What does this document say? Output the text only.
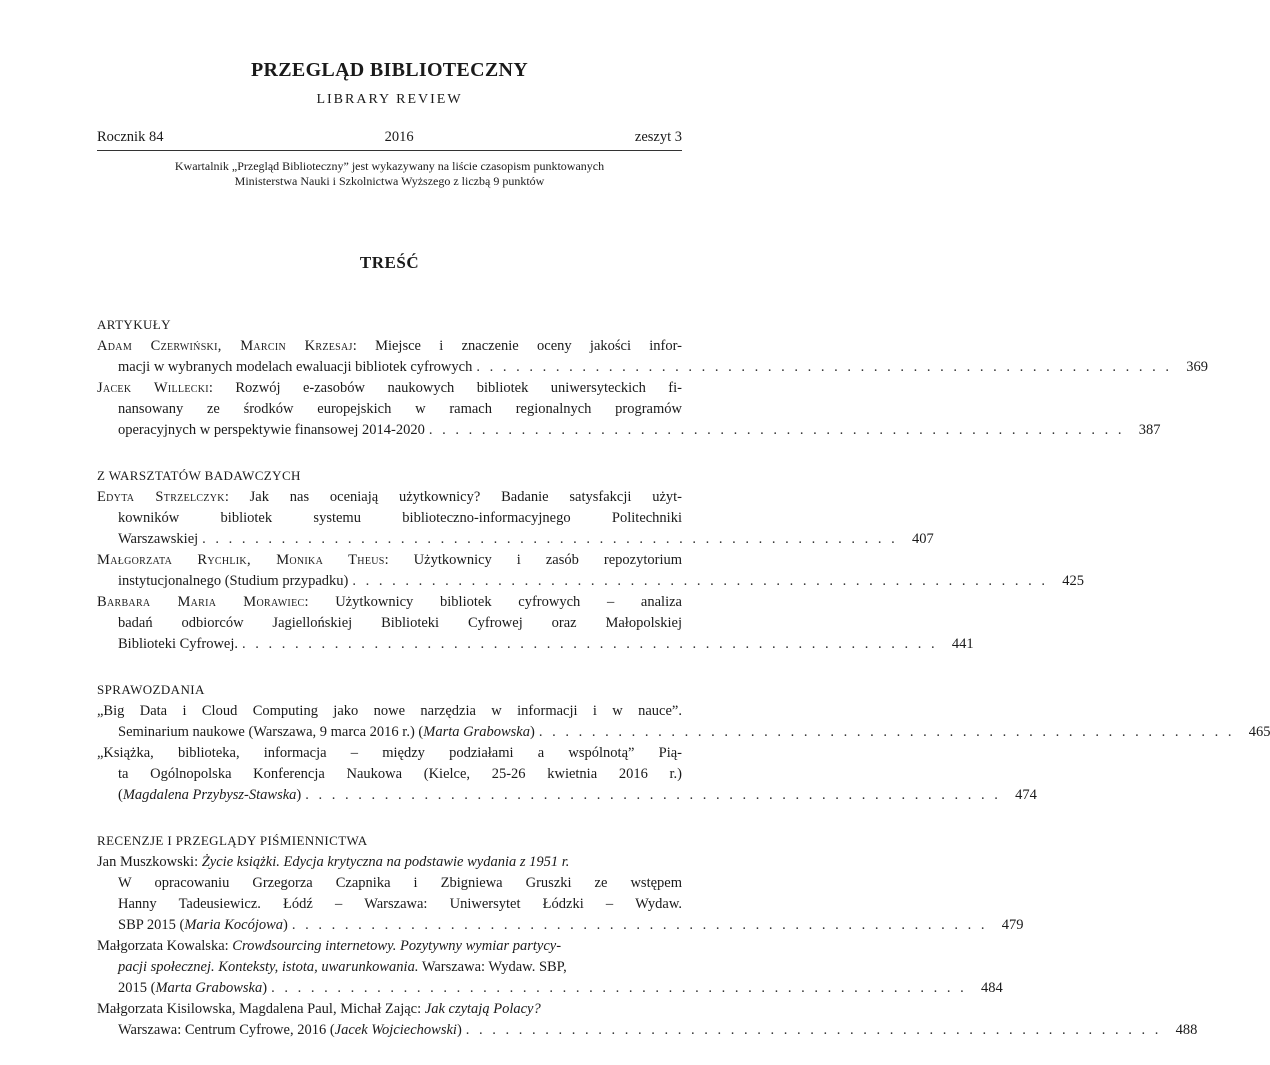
PRZEGLĄD BIBLIOTECZNY
LIBRARY REVIEW
Rocznik 84	2016	zeszyt 3
Kwartalnik „Przegląd Biblioteczny” jest wykazywany na liście czasopism punktowanych
Ministerstwa Nauki i Szkolnictwa Wyższego z liczbą 9 punktów
TREŚĆ
ARTYKUŁY
Adam Czerwiński, Marcin Krzesaj: Miejsce i znaczenie oceny jakości infor-
macji w wybranych modelach ewaluacji bibliotek cyfrowych . . . . . . . . . . . . . . . . . . . . . . . . . . . . . . . . . . . . . . . . . . . . . . . . . . . . . 369
Jacek Willecki: Rozwój e-zasobów naukowych bibliotek uniwersyteckich fi-
nansowany ze środków europejskich w ramach regionalnych programów
operacyjnych w perspektywie finansowej 2014-2020 . . . . . . . . . . . . . . . . . . . . . . . . . . . . . . . . . . . . . . . . . . . . . . . . . . . . . 387
Z WARSZTATÓW BADAWCZYCH
Edyta Strzelczyk: Jak nas oceniają użytkownicy? Badanie satysfakcji użyt-
kowników bibliotek systemu biblioteczno-informacyjnego Politechniki
Warszawskiej . . . . . . . . . . . . . . . . . . . . . . . . . . . . . . . . . . . . . . . . . . . . . . . . . . . . . 407
Małgorzata Rychlik, Monika Theus: Użytkownicy i zasób repozytorium
instytucjonalnego (Studium przypadku) . . . . . . . . . . . . . . . . . . . . . . . . . . . . . . . . . . . . . . . . . . . . . . . . . . . . . 425
Barbara Maria Morawiec: Użytkownicy bibliotek cyfrowych – analiza
badań odbiorców Jagiellońskiej Biblioteki Cyfrowej oraz Małopolskiej
Biblioteki Cyfrowej. . . . . . . . . . . . . . . . . . . . . . . . . . . . . . . . . . . . . . . . . . . . . . . . . . . . . . 441
SPRAWOZDANIA
„Big Data i Cloud Computing jako nowe narzędzia w informacji i w nauce”.
Seminarium naukowe (Warszawa, 9 marca 2016 r.) (Marta Grabowska) . . . . . . . . . . . . . . . . . . . . . . . . . . . . . . . . . . . . . . . . . . . . . . . . . . . . . 465
„Książka, biblioteka, informacja – między podziałami a wspólnotą” Pią-
ta Ogólnopolska Konferencja Naukowa (Kielce, 25-26 kwietnia 2016 r.)
(Magdalena Przybysz-Stawska) . . . . . . . . . . . . . . . . . . . . . . . . . . . . . . . . . . . . . . . . . . . . . . . . . . . . . 474
RECENZJE I PRZEGLĄDY PIŚMIENNICTWA
Jan Muszkowski: Życie książki. Edycja krytyczna na podstawie wydania z 1951 r.
W opracowaniu Grzegorza Czapnika i Zbigniewa Gruszki ze wstępem
Hanny Tadeusiewicz. Łódź – Warszawa: Uniwersytet Łódzki – Wydaw.
SBP 2015 (Maria Kocójowa) . . . . . . . . . . . . . . . . . . . . . . . . . . . . . . . . . . . . . . . . . . . . . . . . . . . . . 479
Małgorzata Kowalska: Crowdsourcing internetowy. Pozytywny wymiar partycy-
pacji społecznej. Konteksty, istota, uwarunkowania. Warszawa: Wydaw. SBP,
2015 (Marta Grabowska) . . . . . . . . . . . . . . . . . . . . . . . . . . . . . . . . . . . . . . . . . . . . . . . . . . . . . 484
Małgorzata Kisilowska, Magdalena Paul, Michał Zając: Jak czytają Polacy?
Warszawa: Centrum Cyfrowe, 2016 (Jacek Wojciechowski) . . . . . . . . . . . . . . . . . . . . . . . . . . . . . . . . . . . . . . . . . . . . . . . . . . . . . 488
